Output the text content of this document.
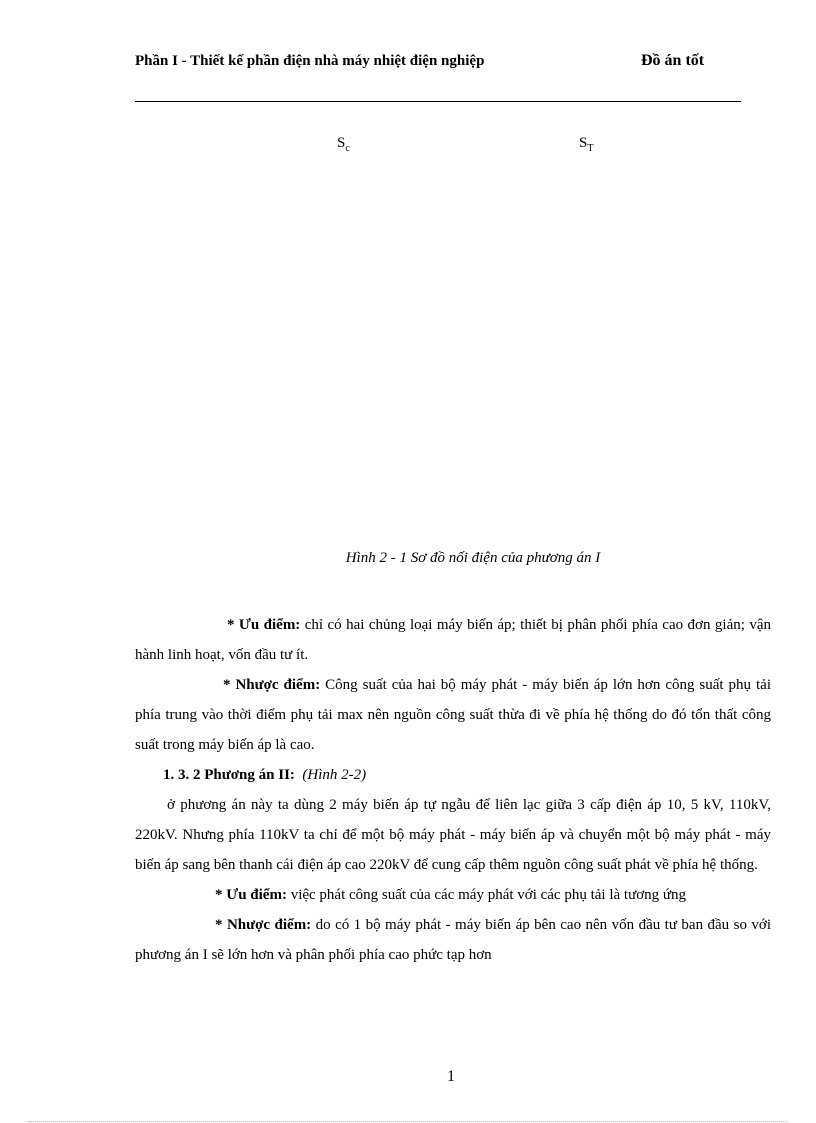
Phần I - Thiết kế phần điện nhà máy nhiệt điện nghiệp	Đồ án tốt
$S_c$	$S_T$
Hình 2 - 1 Sơ đồ nối điện của phương án I

* Ưu điểm: chỉ có hai chủng loại máy biến áp; thiết bị phân phối phía cao đơn giản; vận hành linh hoạt, vốn đầu tư ít.

* Nhược điểm: Công suất của hai bộ máy phát - máy biến áp lớn hơn công suất phụ tải phía trung vào thời điểm phụ tải max nên nguồn công suất thừa đi về phía hệ thống do đó tổn thất công suất trong máy biến áp là cao.

1. 3. 2 Phương án II: (Hình 2-2)

ở phương án này ta dùng 2 máy biến áp tự ngẫu để liên lạc giữa 3 cấp điện áp 10, 5 kV, 110kV, 220kV. Nhưng phía 110kV ta chỉ để một bộ máy phát - máy biến áp và chuyển một bộ máy phát - máy biến áp sang bên thanh cái điện áp cao 220kV để cung cấp thêm nguồn công suất phát về phía hệ thống.

* Ưu điểm: việc phát công suất của các máy phát với các phụ tải là tương ứng

* Nhược điểm: do có 1 bộ máy phát - máy biến áp bên cao nên vốn đầu tư ban đầu so với phương án I sẽ lớn hơn và phân phối phía cao phức tạp hơn

1
